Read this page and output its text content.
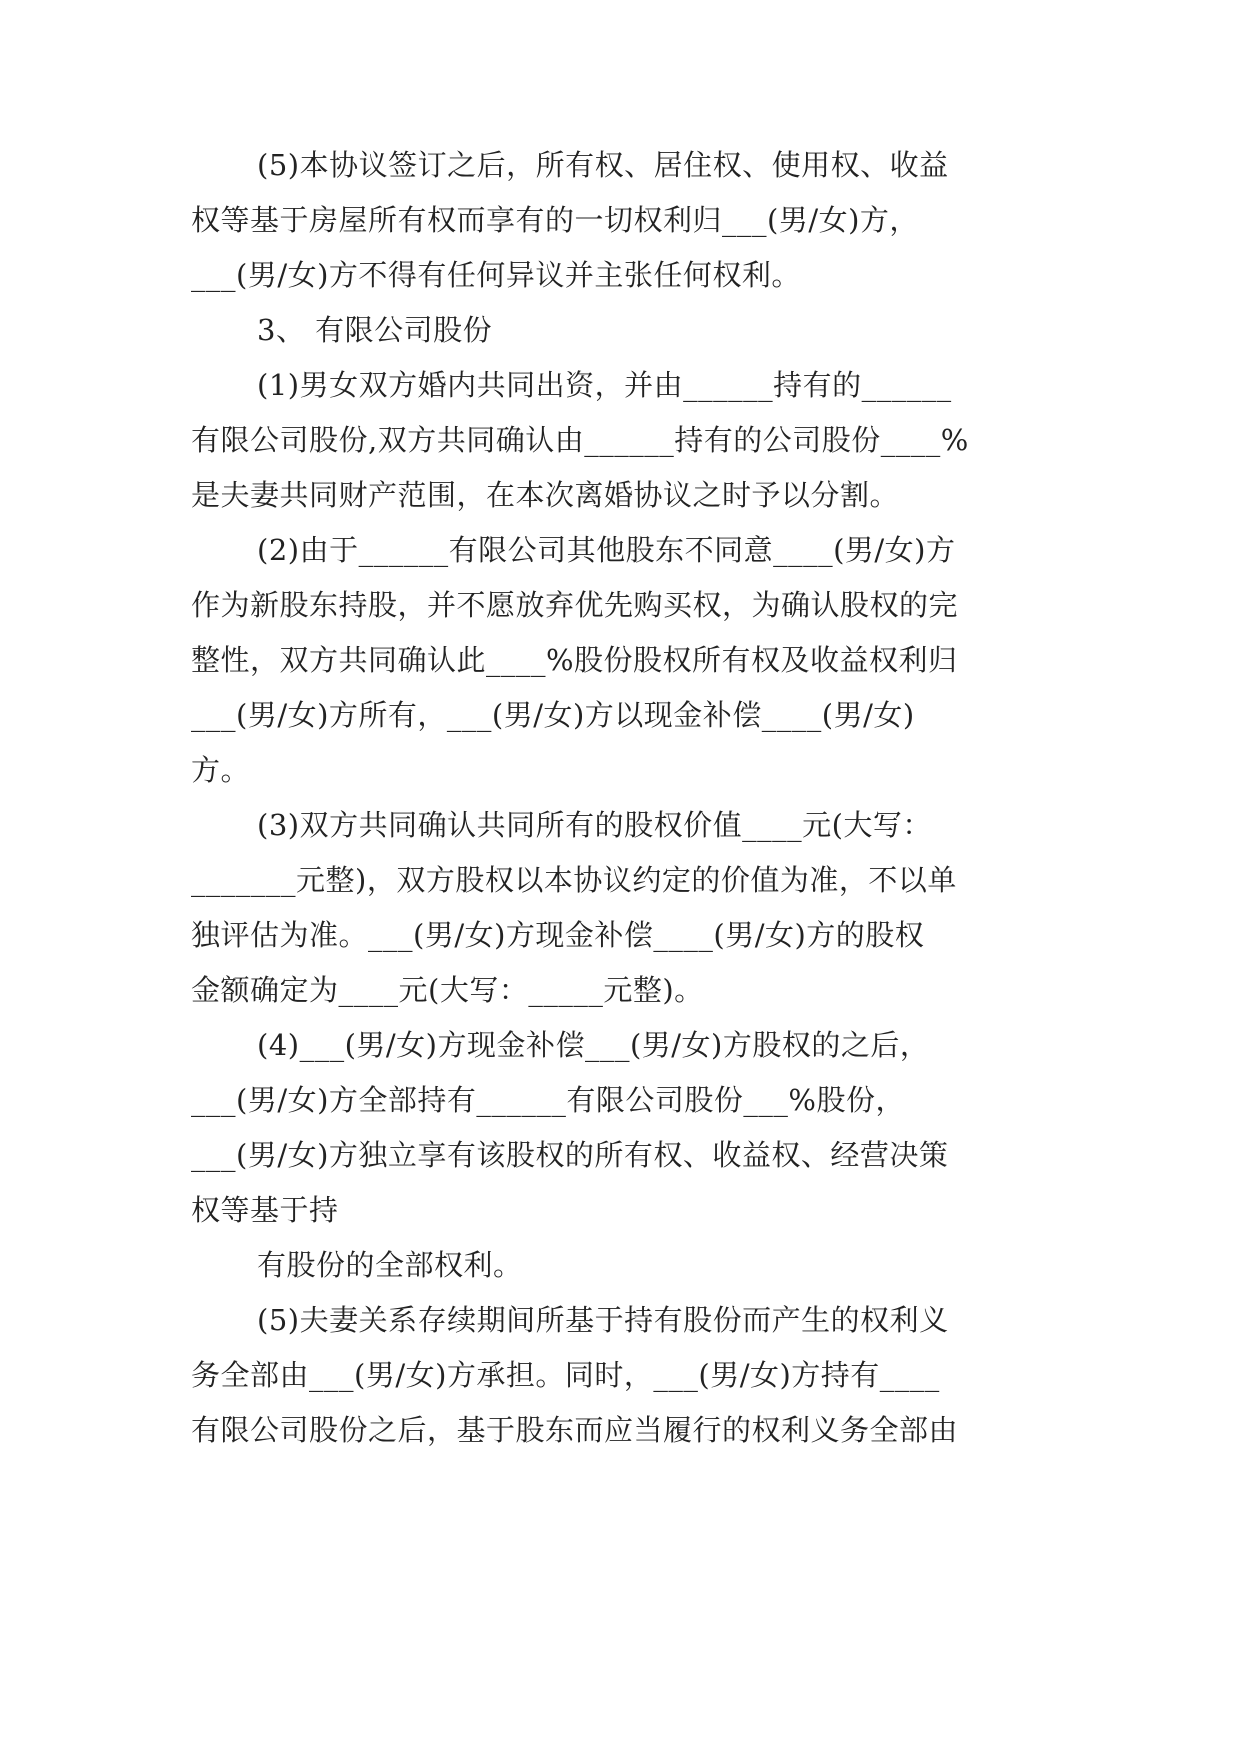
(5)本协议签订之后，所有权、居住权、使用权、收益
权等基于房屋所有权而享有的一切权利归___(男/女)方，
___(男/女)方不得有任何异议并主张任何权利。
3、 有限公司股份
(1)男女双方婚内共同出资，并由______持有的______
有限公司股份,双方共同确认由______持有的公司股份____%
是夫妻共同财产范围，在本次离婚协议之时予以分割。
(2)由于______有限公司其他股东不同意____(男/女)方
作为新股东持股，并不愿放弃优先购买权，为确认股权的完
整性，双方共同确认此____%股份股权所有权及收益权利归
___(男/女)方所有，___(男/女)方以现金补偿____(男/女)
方。
(3)双方共同确认共同所有的股权价值____元(大写：
_______元整)，双方股权以本协议约定的价值为准，不以单
独评估为准。___(男/女)方现金补偿____(男/女)方的股权
金额确定为____元(大写：_____元整)。
(4)___(男/女)方现金补偿___(男/女)方股权的之后，
___(男/女)方全部持有______有限公司股份___%股份，
___(男/女)方独立享有该股权的所有权、收益权、经营决策
权等基于持
有股份的全部权利。
(5)夫妻关系存续期间所基于持有股份而产生的权利义
务全部由___(男/女)方承担。同时，___(男/女)方持有____
有限公司股份之后，基于股东而应当履行的权利义务全部由
